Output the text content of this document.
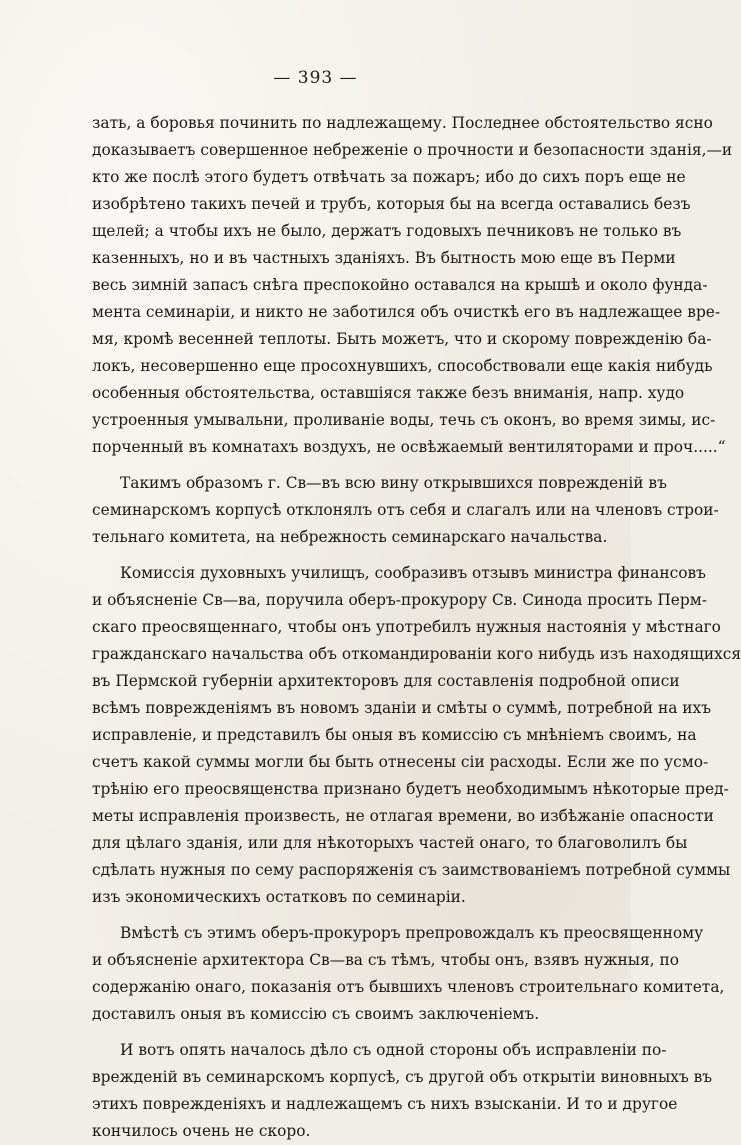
— 393 —
зать, а боровья починить по надлежащему. Последнее обстоятельство ясно
доказываетъ совершенное небреженіе о прочности и безопасности зданія,—и
кто же послѣ этого будетъ отвѣчать за пожаръ; ибо до сихъ поръ еще не
изобрѣтено такихъ печей и трубъ, которыя бы на всегда оставались безъ
щелей; а чтобы ихъ не было, держатъ годовыхъ печниковъ не только въ
казенныхъ, но и въ частныхъ зданіяхъ. Въ бытность мою еще въ Перми
весь зимній запасъ снѣга преспокойно оставался на крышѣ и около фунда-
мента семинаріи, и никто не заботился объ очисткѣ его въ надлежащее вре-
мя, кромѣ весенней теплоты. Быть можетъ, что и скорому поврежденію ба-
локъ, несовершенно еще просохнувшихъ, способствовали еще какія нибудь
особенныя обстоятельства, оставшіяся также безъ вниманія, напр. худо
устроенныя умывальни, проливаніе воды, течь съ оконъ, во время зимы, ис-
порченный въ комнатахъ воздухъ, не освѣжаемый вентиляторами и проч.....“
Такимъ образомъ г. Св—въ всю вину открывшихся поврежденій въ
семинарскомъ корпусѣ отклонялъ отъ себя и слагалъ или на членовъ строи-
тельнаго комитета, на небрежность семинарскаго начальства.
Комиссія духовныхъ училищъ, сообразивъ отзывъ министра финансовъ
и объясненіе Св—ва, поручила оберъ-прокурору Св. Синода просить Перм-
скаго преосвященнаго, чтобы онъ употребилъ нужныя настоянія у мѣстнаго
гражданскаго начальства объ откомандированіи кого нибудь изъ находящихся
въ Пермской губерніи архитекторовъ для составленія подробной описи
всѣмъ поврежденіямъ въ новомъ зданіи и смѣты о суммѣ, потребной на ихъ
исправленіе, и представилъ бы оныя въ комиссію съ мнѣніемъ своимъ, на
счетъ какой суммы могли бы быть отнесены сіи расходы. Если же по усмо-
трѣнію его преосвященства признано будетъ необходимымъ нѣкоторые пред-
меты исправленія произвесть, не отлагая времени, во избѣжаніе опасности
для цѣлаго зданія, или для нѣкоторыхъ частей онаго, то благоволилъ бы
сдѣлать нужныя по сему распоряженія съ заимствованіемъ потребной суммы
изъ экономическихъ остатковъ по семинаріи.
Вмѣстѣ съ этимъ оберъ-прокуроръ препровождалъ къ преосвященному
и объясненіе архитектора Св—ва съ тѣмъ, чтобы онъ, взявъ нужныя, по
содержанію онаго, показанія отъ бывшихъ членовъ строительнаго комитета,
доставилъ оныя въ комиссію съ своимъ заключеніемъ.
И вотъ опять началось дѣло съ одной стороны объ исправленіи по-
врежденій въ семинарскомъ корпусѣ, съ другой объ открытіи виновныхъ въ
этихъ поврежденіяхъ и надлежащемъ съ нихъ взысканіи. И то и другое
кончилось очень не скоро.
